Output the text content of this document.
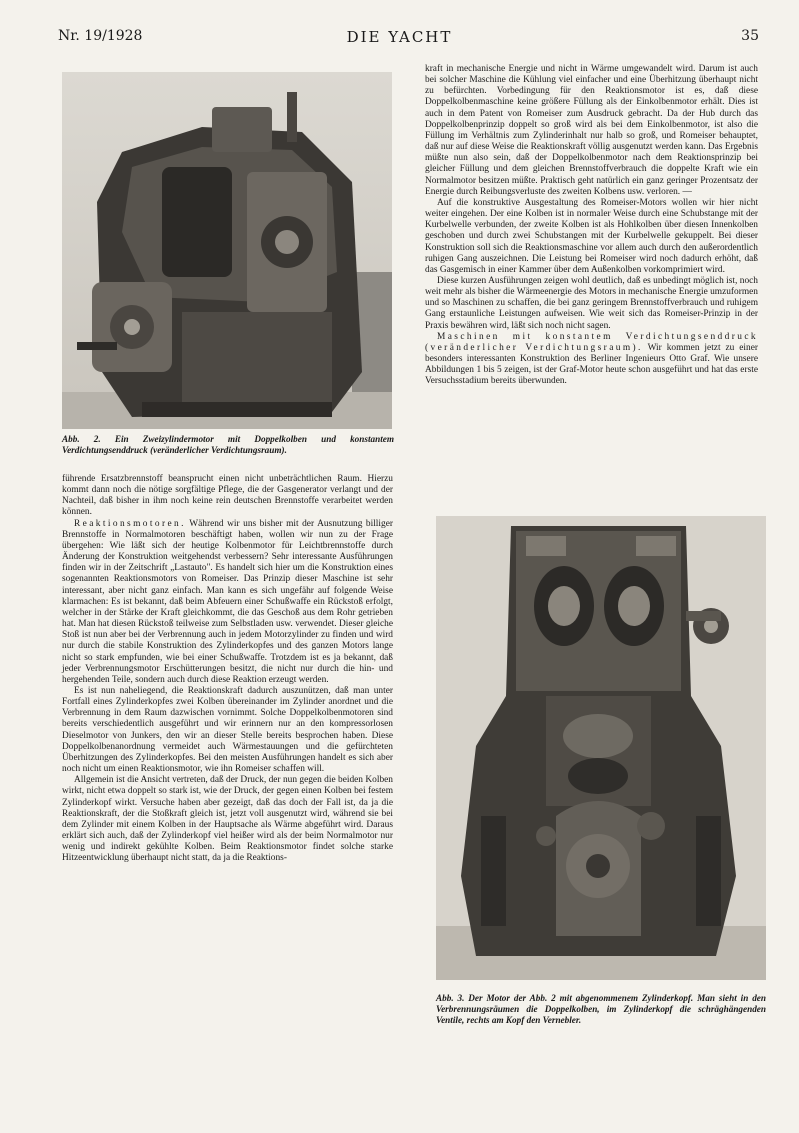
Nr. 19/1928	DIE YACHT	35
Abb. 2. Ein Zweizylindermotor mit Doppelkolben und konstantem Verdichtungsenddruck (veränderlicher Verdichtungsraum).

führende Ersatzbrennstoff beansprucht einen nicht unbeträchtlichen Raum. Hierzu kommt dann noch die nötige sorgfältige Pflege, die der Gasgenerator verlangt und der Nachteil, daß bisher in ihm noch keine rein deutschen Brennstoffe verarbeitet werden können.

Reaktionsmotoren. Während wir uns bisher mit der Ausnutzung billiger Brennstoffe in Normalmotoren beschäftigt haben, wollen wir nun zu der Frage übergehen: Wie läßt sich der heutige Kolbenmotor für Leichtbrennstoffe durch Änderung der Konstruktion weitgehendst verbessern? Sehr interessante Ausführungen finden wir in der Zeitschrift „Lastauto". Es handelt sich hier um die Konstruktion eines sogenannten Reaktionsmotors von Romeiser. Das Prinzip dieser Maschine ist sehr interessant, aber nicht ganz einfach. Man kann es sich ungefähr auf folgende Weise klarmachen: Es ist bekannt, daß beim Abfeuern einer Schußwaffe ein Rückstoß erfolgt, welcher in der Stärke der Kraft gleichkommt, die das Geschoß aus dem Rohr getrieben hat. Man hat diesen Rückstoß teilweise zum Selbstladen usw. verwendet. Dieser gleiche Stoß ist nun aber bei der Verbrennung auch in jedem Motorzylinder zu finden und wird nur durch die stabile Konstruktion des Zylinderkopfes und des ganzen Motors lange nicht so stark empfunden, wie bei einer Schußwaffe. Trotzdem ist es ja bekannt, daß jeder Verbrennungsmotor Erschütterungen besitzt, die nicht nur durch die hin- und hergehenden Teile, sondern auch durch diese Reaktion erzeugt werden.

Es ist nun naheliegend, die Reaktionskraft dadurch auszunützen, daß man unter Fortfall eines Zylinderkopfes zwei Kolben übereinander im Zylinder anordnet und die Verbrennung in dem Raum dazwischen vornimmt. Solche Doppelkolbenmotoren sind bereits verschiedentlich ausgeführt und wir erinnern nur an den kompressorlosen Dieselmotor von Junkers, den wir an dieser Stelle bereits besprochen haben. Diese Doppelkolbenanordnung vermeidet auch Wärmestauungen und die gefürchteten Überhitzungen des Zylinderkopfes. Bei den meisten Ausführungen handelt es sich aber noch nicht um einen Reaktionsmotor, wie ihn Romeiser schaffen will.

Allgemein ist die Ansicht vertreten, daß der Druck, der nun gegen die beiden Kolben wirkt, nicht etwa doppelt so stark ist, wie der Druck, der gegen einen Kolben bei festem Zylinderkopf wirkt. Versuche haben aber gezeigt, daß das doch der Fall ist, da ja die Reaktionskraft, der die Stoßkraft gleich ist, jetzt voll ausgenutzt wird, während sie bei dem Zylinder mit einem Kolben in der Hauptsache als Wärme abgeführt wird. Daraus erklärt sich auch, daß der Zylinderkopf viel heißer wird als der beim Normalmotor nur wenig und indirekt gekühlte Kolben. Beim Reaktionsmotor findet solche starke Hitzeentwicklung überhaupt nicht statt, da ja die Reaktions-

kraft in mechanische Energie und nicht in Wärme umgewandelt wird. Darum ist auch bei solcher Maschine die Kühlung viel einfacher und eine Überhitzung überhaupt nicht zu befürchten. Vorbedingung für den Reaktionsmotor ist es, daß diese Doppelkolbenmaschine keine größere Füllung als der Einkolbenmotor erhält. Dies ist auch in dem Patent von Romeiser zum Ausdruck gebracht. Da der Hub durch das Doppelkolbenprinzip doppelt so groß wird als bei dem Einkolbenmotor, ist also die Füllung im Verhältnis zum Zylinderinhalt nur halb so groß, und Romeiser behauptet, daß nur auf diese Weise die Reaktionskraft völlig ausgenutzt werden kann. Das Ergebnis müßte nun also sein, daß der Doppelkolbenmotor nach dem Reaktionsprinzip bei gleicher Füllung und dem gleichen Brennstoffverbrauch die doppelte Kraft wie ein Normalmotor besitzen müßte. Praktisch geht natürlich ein ganz geringer Prozentsatz der Energie durch Reibungsverluste des zweiten Kolbens usw. verloren. —

Auf die konstruktive Ausgestaltung des Romeiser-Motors wollen wir hier nicht weiter eingehen. Der eine Kolben ist in normaler Weise durch eine Schubstange mit der Kurbelwelle verbunden, der zweite Kolben ist als Hohlkolben über diesen Innenkolben geschoben und durch zwei Schubstangen mit der Kurbelwelle gekuppelt. Bei dieser Konstruktion soll sich die Reaktionsmaschine vor allem auch durch den außerordentlich ruhigen Gang auszeichnen. Die Leistung bei Romeiser wird noch dadurch erhöht, daß das Gasgemisch in einer Kammer über dem Außenkolben vorkomprimiert wird.

Diese kurzen Ausführungen zeigen wohl deutlich, daß es unbedingt möglich ist, noch weit mehr als bisher die Wärmeenergie des Motors in mechanische Energie umzuformen und so Maschinen zu schaffen, die bei ganz geringem Brennstoffverbrauch und ruhigem Gang erstaunliche Leistungen aufweisen. Wie weit sich das Romeiser-Prinzip in der Praxis bewähren wird, läßt sich noch nicht sagen.

Maschinen mit konstantem Verdichtungsenddruck (veränderlicher Verdichtungsraum). Wir kommen jetzt zu einer besonders interessanten Konstruktion des Berliner Ingenieurs Otto Graf. Wie unsere Abbildungen 1 bis 5 zeigen, ist der Graf-Motor heute schon ausgeführt und hat das erste Versuchsstadium bereits überwunden.

Abb. 3. Der Motor der Abb. 2 mit abgenommenem Zylinderkopf. Man sieht in den Verbrennungsräumen die Doppelkolben, im Zylinderkopf die schräghängenden Ventile, rechts am Kopf den Vernebler.
